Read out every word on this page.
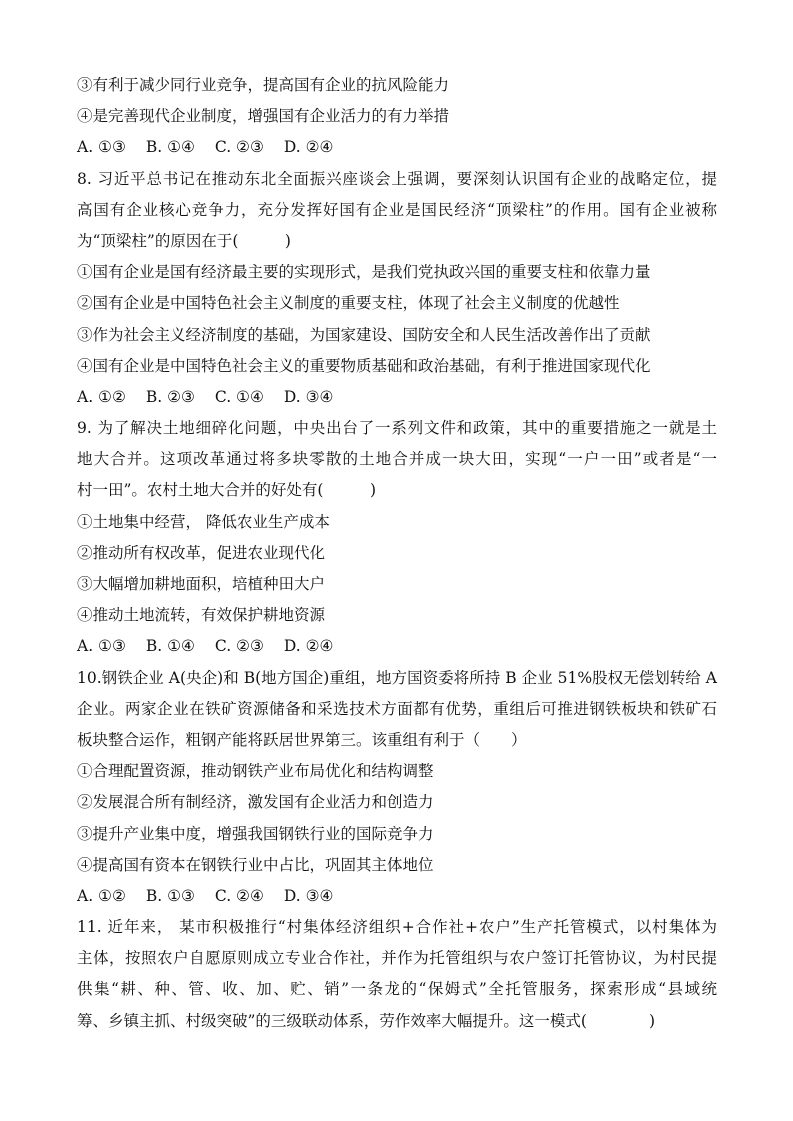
③有利于减少同行业竞争，提高国有企业的抗风险能力
④是完善现代企业制度，增强国有企业活力的有力举措
A. ①③ B. ①④ C. ②③ D. ②④
8. 习近平总书记在推动东北全面振兴座谈会上强调，要深刻认识国有企业的战略定位，提
高国有企业核心竞争力，充分发挥好国有企业是国民经济“顶梁柱”的作用。国有企业被称
为“顶梁柱”的原因在于(　　　)
①国有企业是国有经济最主要的实现形式，是我们党执政兴国的重要支柱和依靠力量
②国有企业是中国特色社会主义制度的重要支柱，体现了社会主义制度的优越性
③作为社会主义经济制度的基础，为国家建设、国防安全和人民生活改善作出了贡献
④国有企业是中国特色社会主义的重要物质基础和政治基础，有利于推进国家现代化
A. ①② B. ②③ C. ①④ D. ③④
9. 为了解决土地细碎化问题，中央出台了一系列文件和政策，其中的重要措施之一就是土
地大合并。这项改革通过将多块零散的土地合并成一块大田，实现“一户一田”或者是“一
村一田”。农村土地大合并的好处有(　　　)
①土地集中经营， 降低农业生产成本
②推动所有权改革，促进农业现代化
③大幅增加耕地面积，培植种田大户
④推动土地流转，有效保护耕地资源
A. ①③ B. ①④ C. ②③ D. ②④
10.钢铁企业 A(央企)和 B(地方国企)重组，地方国资委将所持 B 企业 51%股权无偿划转给 A
企业。两家企业在铁矿资源储备和采选技术方面都有优势，重组后可推进钢铁板块和铁矿石
板块整合运作，粗钢产能将跃居世界第三。该重组有利于（　　）
①合理配置资源，推动钢铁产业布局优化和结构调整
②发展混合所有制经济，激发国有企业活力和创造力
③提升产业集中度，增强我国钢铁行业的国际竞争力
④提高国有资本在钢铁行业中占比，巩固其主体地位
A. ①② B. ①③ C. ②④ D. ③④
11. 近年来， 某市积极推行“村集体经济组织+合作社+农户”生产托管模式，以村集体为
主体，按照农户自愿原则成立专业合作社，并作为托管组织与农户签订托管协议，为村民提
供集“耕、种、管、收、加、贮、销”一条龙的“保姆式”全托管服务，探索形成“县域统
筹、乡镇主抓、村级突破”的三级联动体系，劳作效率大幅提升。这一模式(　　　　)
